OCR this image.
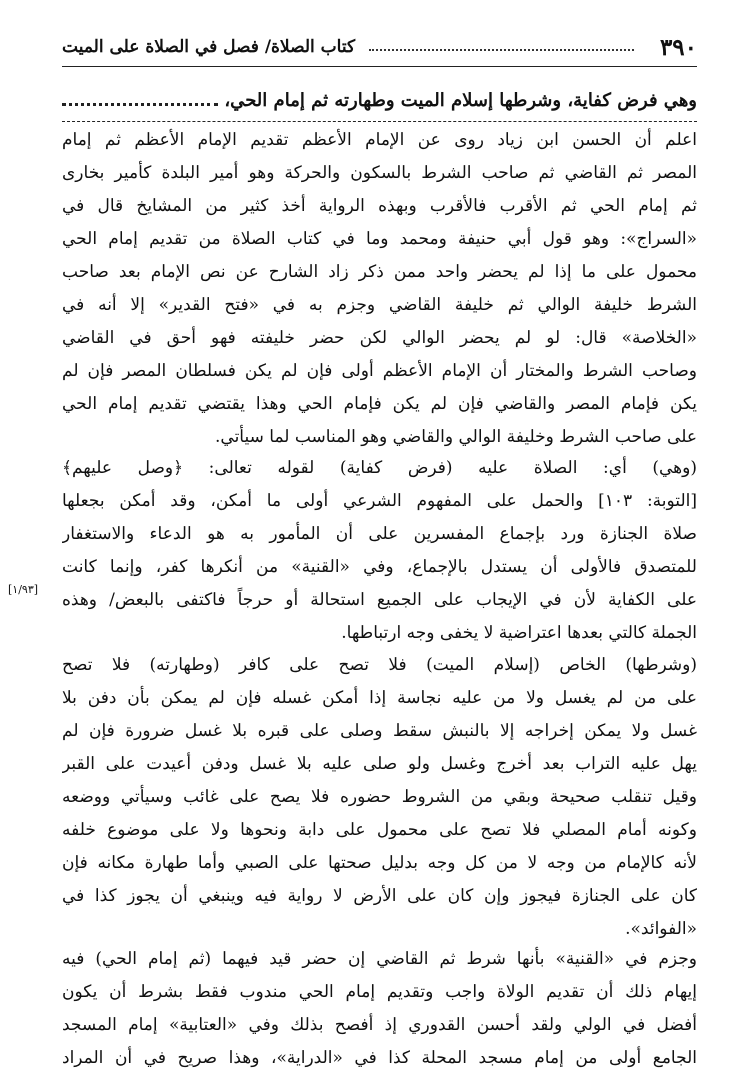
٣٩٠
كتاب الصلاة/ فصل في الصلاة على الميت
وهي فرض كفاية، وشرطها إسلام الميت وطهارته ثم إمام الحي،
اعلم أن الحسن ابن زياد روى عن الإمام الأعظم تقديم الإمام الأعظم ثم إمام
المصر ثم القاضي ثم صاحب الشرط بالسكون والحركة وهو أمير البلدة كأمير بخارى
ثم إمام الحي ثم الأقرب فالأقرب وبهذه الرواية أخذ كثير من المشايخ قال في
«السراج»: وهو قول أبي حنيفة ومحمد وما في كتاب الصلاة من تقديم إمام الحي
محمول على ما إذا لم يحضر واحد ممن ذكر زاد الشارح عن نص الإمام بعد صاحب
الشرط خليفة الوالي ثم خليفة القاضي وجزم به في «فتح القدير» إلا أنه في
«الخلاصة» قال: لو لم يحضر الوالي لكن حضر خليفته فهو أحق في القاضي
وصاحب الشرط والمختار أن الإمام الأعظم أولى فإن لم يكن فسلطان المصر فإن لم
يكن فإمام المصر والقاضي فإن لم يكن فإمام الحي وهذا يقتضي تقديم إمام الحي
على صاحب الشرط وخليفة الوالي والقاضي وهو المناسب لما سيأتي.
(وهي) أي: الصلاة عليه (فرض كفاية) لقوله تعالى: ﴿وصل عليهم﴾
[التوبة: ١٠٣] والحمل على المفهوم الشرعي أولى ما أمكن، وقد أمكن بجعلها
صلاة الجنازة ورد بإجماع المفسرين على أن المأمور به هو الدعاء والاستغفار
للمتصدق فالأولى أن يستدل بالإجماع، وفي «القنية» من أنكرها كفر، وإنما كانت
على الكفاية لأن في الإيجاب على الجميع استحالة أو حرجاً فاكتفى بالبعض/ وهذه
الجملة كالتي بعدها اعتراضية لا يخفى وجه ارتباطها.
[١/٩٣]
(وشرطها) الخاص (إسلام الميت) فلا تصح على كافر (وطهارته) فلا تصح
على من لم يغسل ولا من عليه نجاسة إذا أمكن غسله فإن لم يمكن بأن دفن بلا
غسل ولا يمكن إخراجه إلا بالنبش سقط وصلى على قبره بلا غسل ضرورة فإن لم
يهل عليه التراب بعد أخرج وغسل ولو صلى عليه بلا غسل ودفن أعيدت على القبر
وقيل تنقلب صحيحة وبقي من الشروط حضوره فلا يصح على غائب وسيأتي ووضعه
وكونه أمام المصلي فلا تصح على محمول على دابة ونحوها ولا على موضوع خلفه
لأنه كالإمام من وجه لا من كل وجه بدليل صحتها على الصبي وأما طهارة مكانه فإن
كان على الجنازة فيجوز وإن كان على الأرض لا رواية فيه وينبغي أن يجوز كذا في
«الفوائد».
وجزم في «القنية» بأنها شرط ثم القاضي إن حضر قيد فيهما (ثم إمام الحي) فيه
إيهام ذلك أن تقديم الولاة واجب وتقديم إمام الحي مندوب فقط بشرط أن يكون
أفضل في الولي ولقد أحسن القدوري إذ أفصح بذلك وفي «العتابية» إمام المسجد
الجامع أولى من إمام مسجد المحلة كذا في «الدراية»، وهذا صريح في أن المراد
